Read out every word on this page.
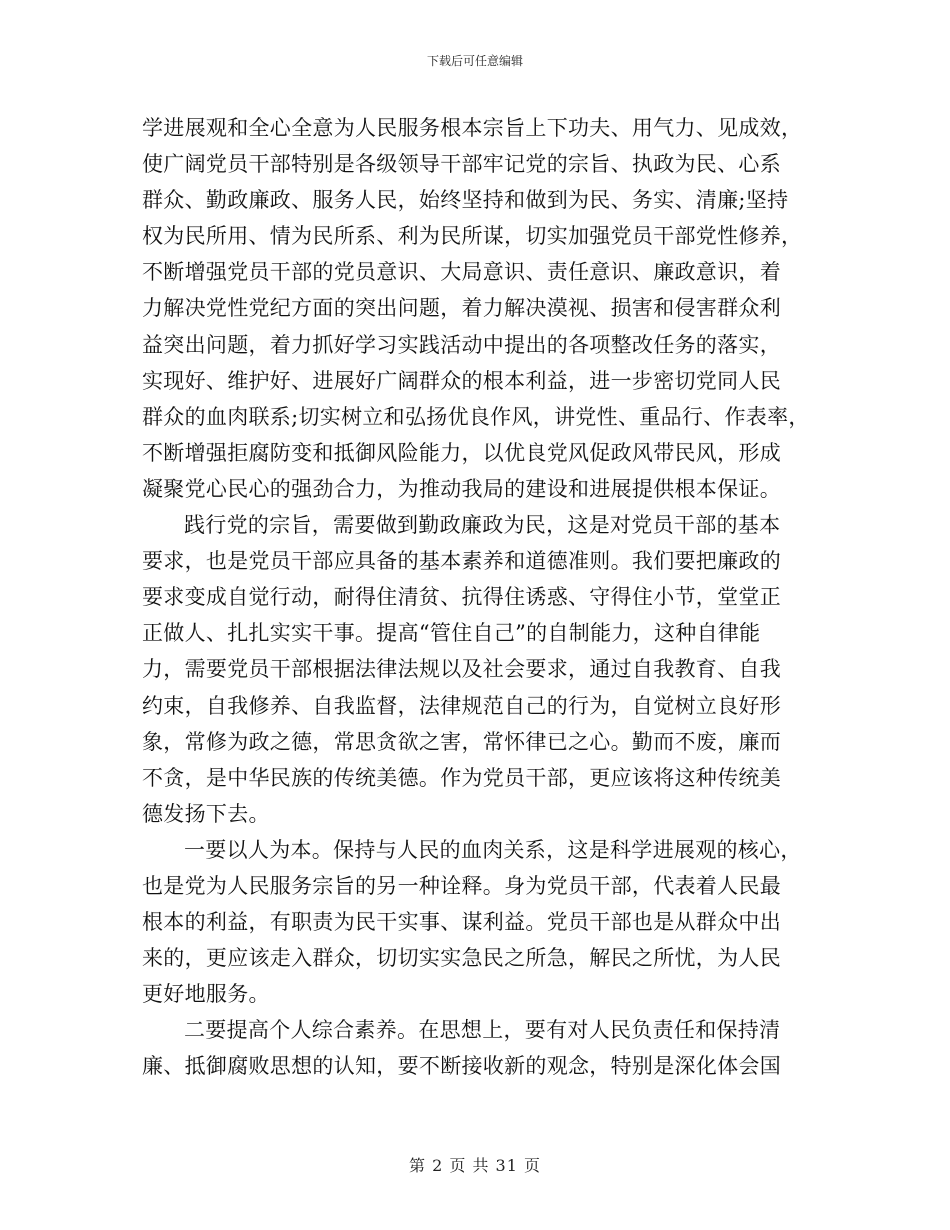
下载后可任意编辑
学进展观和全心全意为人民服务根本宗旨上下功夫、用气力、见成效，
使广阔党员干部特别是各级领导干部牢记党的宗旨、执政为民、心系
群众、勤政廉政、服务人民，始终坚持和做到为民、务实、清廉;坚持
权为民所用、情为民所系、利为民所谋，切实加强党员干部党性修养，
不断增强党员干部的党员意识、大局意识、责任意识、廉政意识，着
力解决党性党纪方面的突出问题，着力解决漠视、损害和侵害群众利
益突出问题，着力抓好学习实践活动中提出的各项整改任务的落实，
实现好、维护好、进展好广阔群众的根本利益，进一步密切党同人民
群众的血肉联系;切实树立和弘扬优良作风，讲党性、重品行、作表率，
不断增强拒腐防变和抵御风险能力，以优良党风促政风带民风，形成
凝聚党心民心的强劲合力，为推动我局的建设和进展提供根本保证。
践行党的宗旨，需要做到勤政廉政为民，这是对党员干部的基本
要求，也是党员干部应具备的基本素养和道德准则。我们要把廉政的
要求变成自觉行动，耐得住清贫、抗得住诱惑、守得住小节，堂堂正
正做人、扎扎实实干事。提高“管住自己”的自制能力，这种自律能
力，需要党员干部根据法律法规以及社会要求，通过自我教育、自我
约束，自我修养、自我监督，法律规范自己的行为，自觉树立良好形
象，常修为政之德，常思贪欲之害，常怀律已之心。勤而不废，廉而
不贪，是中华民族的传统美德。作为党员干部，更应该将这种传统美
德发扬下去。
一要以人为本。保持与人民的血肉关系，这是科学进展观的核心，
也是党为人民服务宗旨的另一种诠释。身为党员干部，代表着人民最
根本的利益，有职责为民干实事、谋利益。党员干部也是从群众中出
来的，更应该走入群众，切切实实急民之所急，解民之所忧，为人民
更好地服务。
二要提高个人综合素养。在思想上，要有对人民负责任和保持清
廉、抵御腐败思想的认知，要不断接收新的观念，特别是深化体会国
第 2 页 共 31 页
